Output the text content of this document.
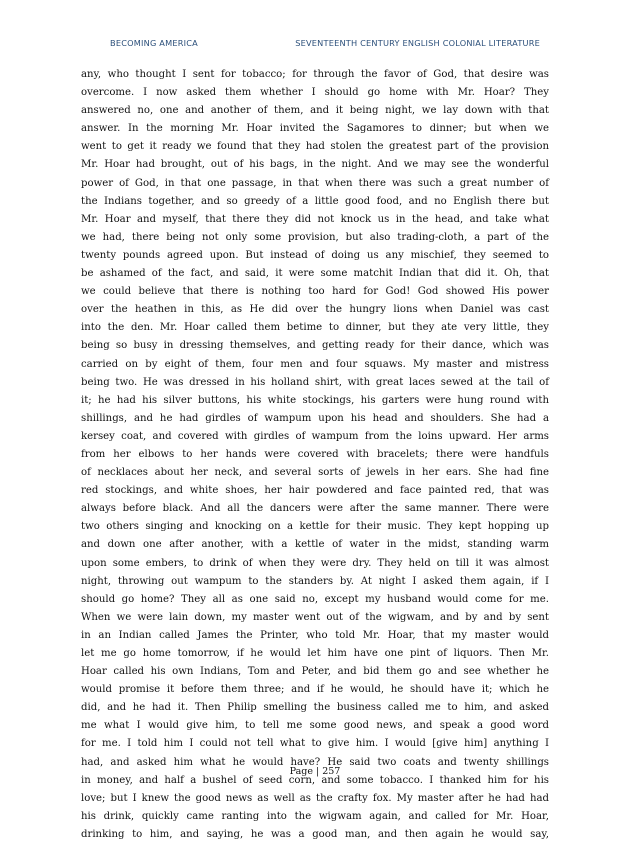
BECOMING AMERICA	SEVENTEENTH CENTURY ENGLISH COLONIAL LITERATURE
any, who thought I sent for tobacco; for through the favor of God, that desire was
overcome. I now asked them whether I should go home with Mr. Hoar? They
answered no, one and another of them, and it being night, we lay down with that
answer. In the morning Mr. Hoar invited the Sagamores to dinner; but when we
went to get it ready we found that they had stolen the greatest part of the provision
Mr. Hoar had brought, out of his bags, in the night. And we may see the wonderful
power of God, in that one passage, in that when there was such a great number of
the Indians together, and so greedy of a little good food, and no English there but
Mr. Hoar and myself, that there they did not knock us in the head, and take what
we had, there being not only some provision, but also trading-cloth, a part of the
twenty pounds agreed upon. But instead of doing us any mischief, they seemed to
be ashamed of the fact, and said, it were some matchit Indian that did it. Oh, that
we could believe that there is nothing too hard for God! God showed His power
over the heathen in this, as He did over the hungry lions when Daniel was cast
into the den. Mr. Hoar called them betime to dinner, but they ate very little, they
being so busy in dressing themselves, and getting ready for their dance, which was
carried on by eight of them, four men and four squaws. My master and mistress
being two. He was dressed in his holland shirt, with great laces sewed at the tail of
it; he had his silver buttons, his white stockings, his garters were hung round with
shillings, and he had girdles of wampum upon his head and shoulders. She had a
kersey coat, and covered with girdles of wampum from the loins upward. Her arms
from her elbows to her hands were covered with bracelets; there were handfuls
of necklaces about her neck, and several sorts of jewels in her ears. She had fine
red stockings, and white shoes, her hair powdered and face painted red, that was
always before black. And all the dancers were after the same manner. There were
two others singing and knocking on a kettle for their music. They kept hopping up
and down one after another, with a kettle of water in the midst, standing warm
upon some embers, to drink of when they were dry. They held on till it was almost
night, throwing out wampum to the standers by. At night I asked them again, if I
should go home? They all as one said no, except my husband would come for me.
When we were lain down, my master went out of the wigwam, and by and by sent
in an Indian called James the Printer, who told Mr. Hoar, that my master would
let me go home tomorrow, if he would let him have one pint of liquors. Then Mr.
Hoar called his own Indians, Tom and Peter, and bid them go and see whether he
would promise it before them three; and if he would, he should have it; which he
did, and he had it. Then Philip smelling the business called me to him, and asked
me what I would give him, to tell me some good news, and speak a good word
for me. I told him I could not tell what to give him. I would [give him] anything I
had, and asked him what he would have? He said two coats and twenty shillings
in money, and half a bushel of seed corn, and some tobacco. I thanked him for his
love; but I knew the good news as well as the crafty fox. My master after he had had
his drink, quickly came ranting into the wigwam again, and called for Mr. Hoar,
drinking to him, and saying, he was a good man, and then again he would say,
Page | 257
